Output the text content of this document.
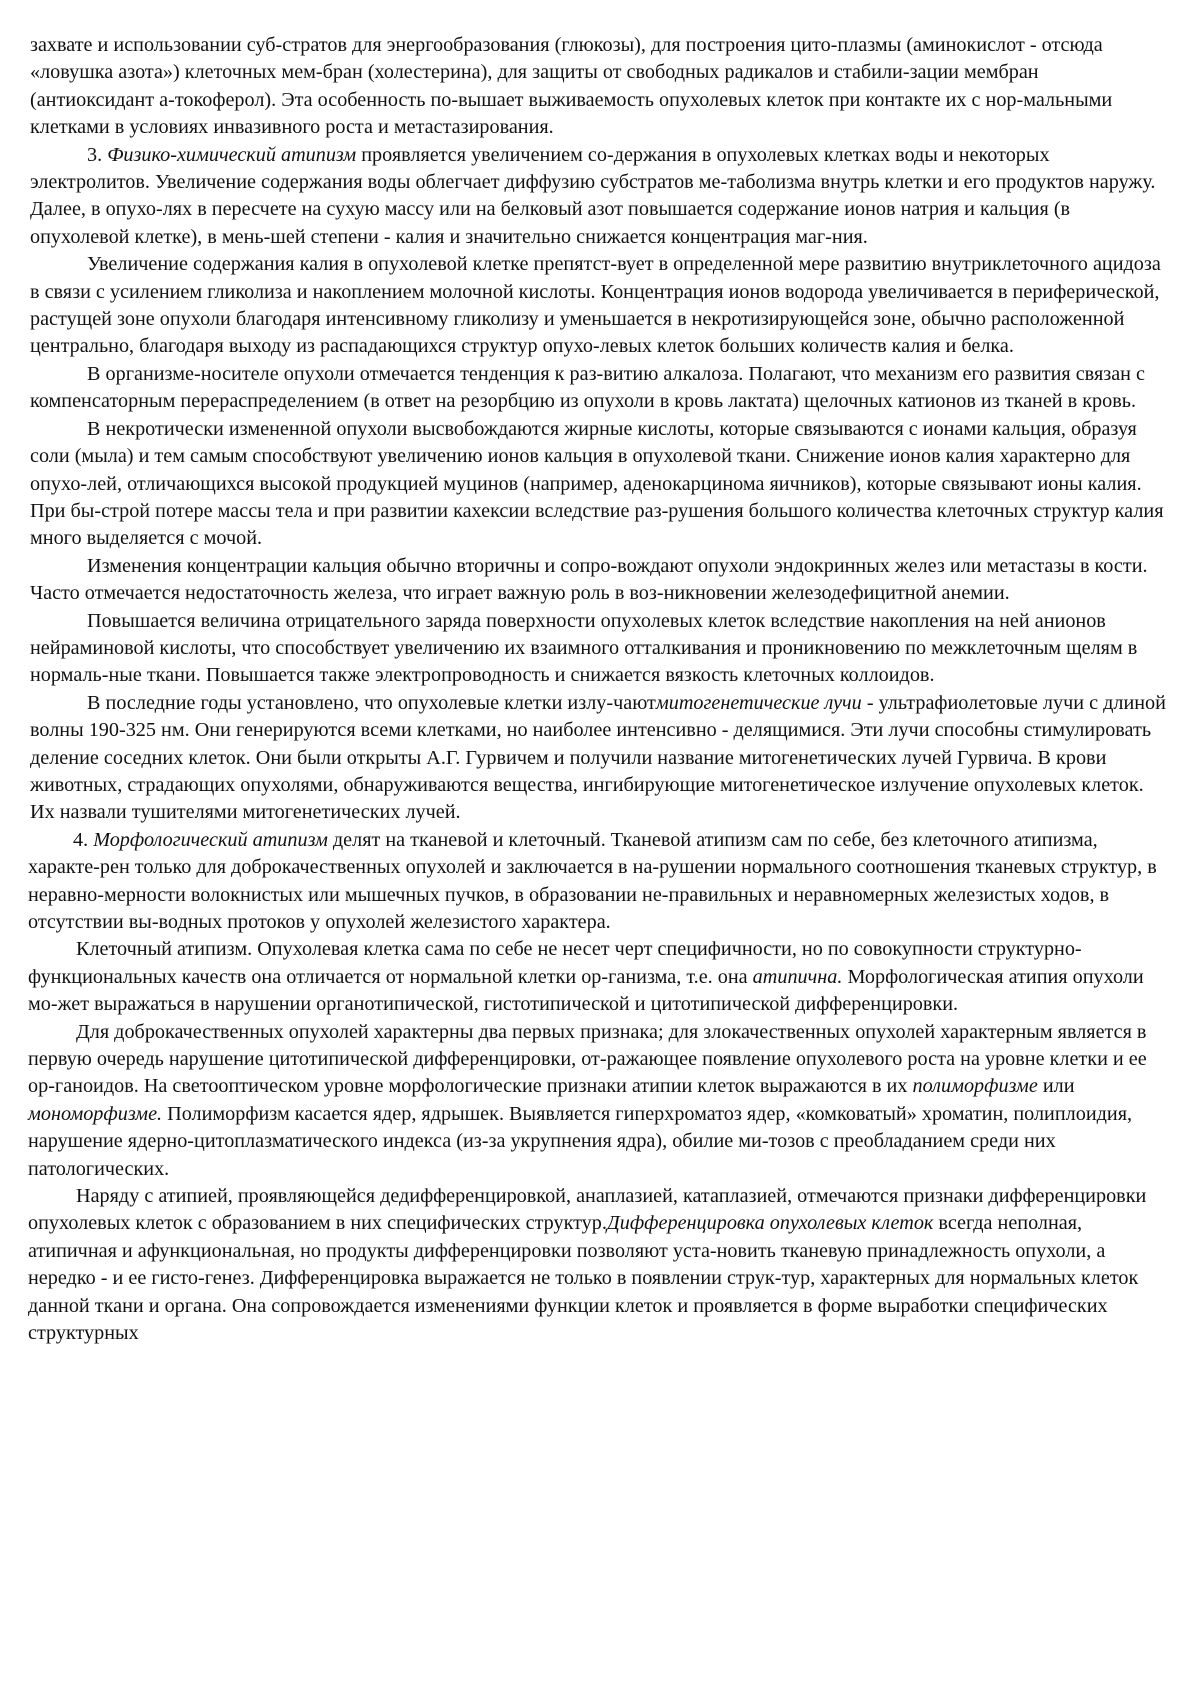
захвате и использовании суб-стратов для энергообразования (глюкозы), для построения цито-плазмы (аминокислот - отсюда «ловушка азота») клеточных мем-бран (холестерина), для защиты от свободных радикалов и стабили-зации мембран (антиоксидант а-токоферол). Эта особенность по-вышает выживаемость опухолевых клеток при контакте их с нор-мальными клетками в условиях инвазивного роста и метастазирования.
3. Физико-химический атипизм проявляется увеличением со-держания в опухолевых клетках воды и некоторых электролитов. Увеличение содержания воды облегчает диффузию субстратов ме-таболизма внутрь клетки и его продуктов наружу. Далее, в опухо-лях в пересчете на сухую массу или на белковый азот повышается содержание ионов натрия и кальция (в опухолевой клетке), в мень-шей степени - калия и значительно снижается концентрация маг-ния.
Увеличение содержания калия в опухолевой клетке препятст-вует в определенной мере развитию внутриклеточного ацидоза в связи с усилением гликолиза и накоплением молочной кислоты. Концентрация ионов водорода увеличивается в периферической, растущей зоне опухоли благодаря интенсивному гликолизу и уменьшается в некротизирующейся зоне, обычно расположенной центрально, благодаря выходу из распадающихся структур опухо-левых клеток больших количеств калия и белка.
В организме-носителе опухоли отмечается тенденция к раз-витию алкалоза. Полагают, что механизм его развития связан с компенсаторным перераспределением (в ответ на резорбцию из опухоли в кровь лактата) щелочных катионов из тканей в кровь.
В некротически измененной опухоли высвобождаются жирные кислоты, которые связываются с ионами кальция, образуя соли (мыла) и тем самым способствуют увеличению ионов кальция в опухолевой ткани. Снижение ионов калия характерно для опухо-лей, отличающихся высокой продукцией муцинов (например, аденокарцинома яичников), которые связывают ионы калия. При бы-строй потере массы тела и при развитии кахексии вследствие раз-рушения большого количества клеточных структур калия много выделяется с мочой.
Изменения концентрации кальция обычно вторичны и сопро-вождают опухоли эндокринных желез или метастазы в кости. Часто отмечается недостаточность железа, что играет важную роль в воз-никновении железодефицитной анемии.
Повышается величина отрицательного заряда поверхности опухолевых клеток вследствие накопления на ней анионов нейраминовой кислоты, что способствует увеличению их взаимного отталкивания и проникновению по межклеточным щелям в нормаль-ные ткани. Повышается также электропроводность и снижается вязкость клеточных коллоидов.
В последние годы установлено, что опухолевые клетки излу-чаютмитогенетические лучи - ультрафиолетовые лучи с длиной волны 190-325 нм. Они генерируются всеми клетками, но наиболее интенсивно - делящимися. Эти лучи способны стимулировать деление соседних клеток. Они были открыты А.Г. Гурвичем и получили название митогенетических лучей Гурвича. В крови животных, страдающих опухолями, обнаруживаются вещества, ингибирующие митогенетическое излучение опухолевых клеток. Их назвали тушителями митогенетических лучей.
4. Морфологический атипизм делят на тканевой и клеточный. Тканевой атипизм сам по себе, без клеточного атипизма, характе-рен только для доброкачественных опухолей и заключается в на-рушении нормального соотношения тканевых структур, в неравно-мерности волокнистых или мышечных пучков, в образовании не-правильных и неравномерных железистых ходов, в отсутствии вы-водных протоков у опухолей железистого характера.
Клеточный атипизм. Опухолевая клетка сама по себе не несет черт специфичности, но по совокупности структурно-функциональных качеств она отличается от нормальной клетки ор-ганизма, т.е. она атипична. Морфологическая атипия опухоли мо-жет выражаться в нарушении органотипической, гистотипической и цитотипической дифференцировки.
Для доброкачественных опухолей характерны два первых признака; для злокачественных опухолей характерным является в первую очередь нарушение цитотипической дифференцировки, от-ражающее появление опухолевого роста на уровне клетки и ее ор-ганоидов. На светооптическом уровне морфологические признаки атипии клеток выражаются в их полиморфизме или мономорфизме. Полиморфизм касается ядер, ядрышек. Выявляется гиперхроматоз ядер, «комковатый» хроматин, полиплоидия, нарушение ядерно-цитоплазматического индекса (из-за укрупнения ядра), обилие ми-тозов с преобладанием среди них патологических.
Наряду с атипией, проявляющейся дедифференцировкой, анаплазией, катаплазией, отмечаются признаки дифференцировки опухолевых клеток с образованием в них специфических структур.Дифференцировка опухолевых клеток всегда неполная, атипичная и афункциональная, но продукты дифференцировки позволяют уста-новить тканевую принадлежность опухоли, а нередко - и ее гисто-генез. Дифференцировка выражается не только в появлении струк-тур, характерных для нормальных клеток данной ткани и органа. Она сопровождается изменениями функции клеток и проявляется в форме выработки специфических структурных
